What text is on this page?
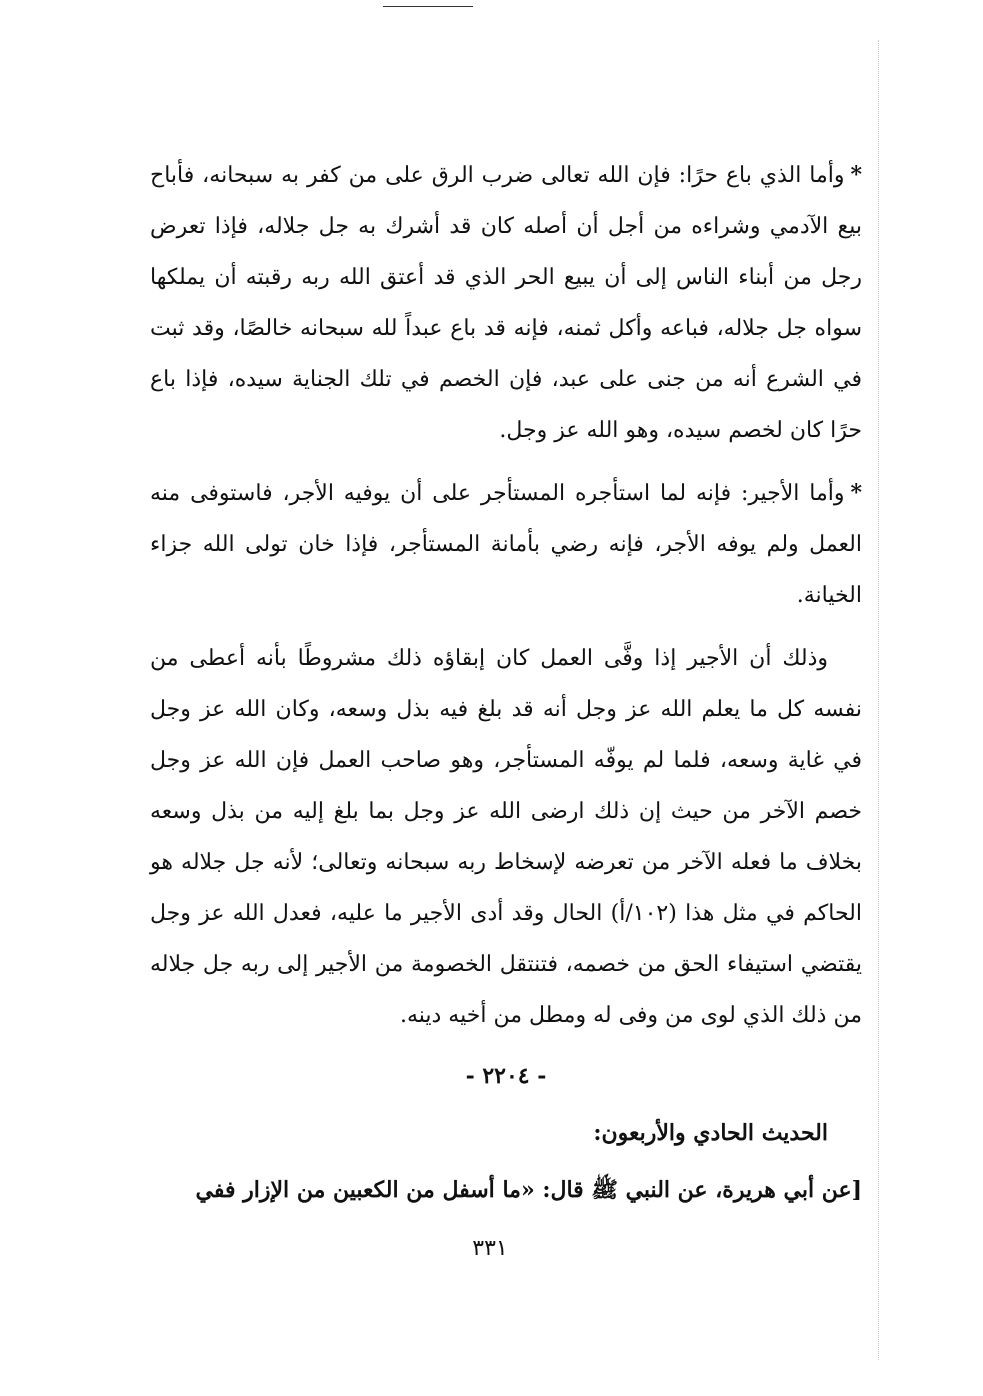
*وأما الذي باع حرًا: فإن الله تعالى ضرب الرق على من كفر به سبحانه، فأباح بيع الآدمي وشراءه من أجل أن أصله كان قد أشرك به جل جلاله، فإذا تعرض رجل من أبناء الناس إلى أن يبيع الحر الذي قد أعتق الله ربه رقبته أن يملكها سواه جل جلاله، فباعه وأكل ثمنه، فإنه قد باع عبداً لله سبحانه خالصًا، وقد ثبت في الشرع أنه من جنى على عبد، فإن الخصم في تلك الجناية سيده، فإذا باع حرًا كان لخصم سيده، وهو الله عز وجل.

*وأما الأجير: فإنه لما استأجره المستأجر على أن يوفيه الأجر، فاستوفى منه العمل ولم يوفه الأجر، فإنه رضي بأمانة المستأجر، فإذا خان تولى الله جزاء الخيانة.

وذلك أن الأجير إذا وفَّى العمل كان إبقاؤه ذلك مشروطًا بأنه أعطى من نفسه كل ما يعلم الله عز وجل أنه قد بلغ فيه بذل وسعه، وكان الله عز وجل في غاية وسعه، فلما لم يوفّه المستأجر، وهو صاحب العمل فإن الله عز وجل خصم الآخر من حيث إن ذلك ارضى الله عز وجل بما بلغ إليه من بذل وسعه بخلاف ما فعله الآخر من تعرضه لإسخاط ربه سبحانه وتعالى؛ لأنه جل جلاله هو الحاكم في مثل هذا (١٠٢/أ) الحال وقد أدى الأجير ما عليه، فعدل الله عز وجل يقتضي استيفاء الحق من خصمه، فتنتقل الخصومة من الأجير إلى ربه جل جلاله من ذلك الذي لوى من وفى له ومطل من أخيه دينه.

- ٢٢٠٤ -

الحديث الحادي والأربعون:

[عن أبي هريرة، عن النبي ﷺ قال: «ما أسفل من الكعبين من الإزار ففي

٣٣١
